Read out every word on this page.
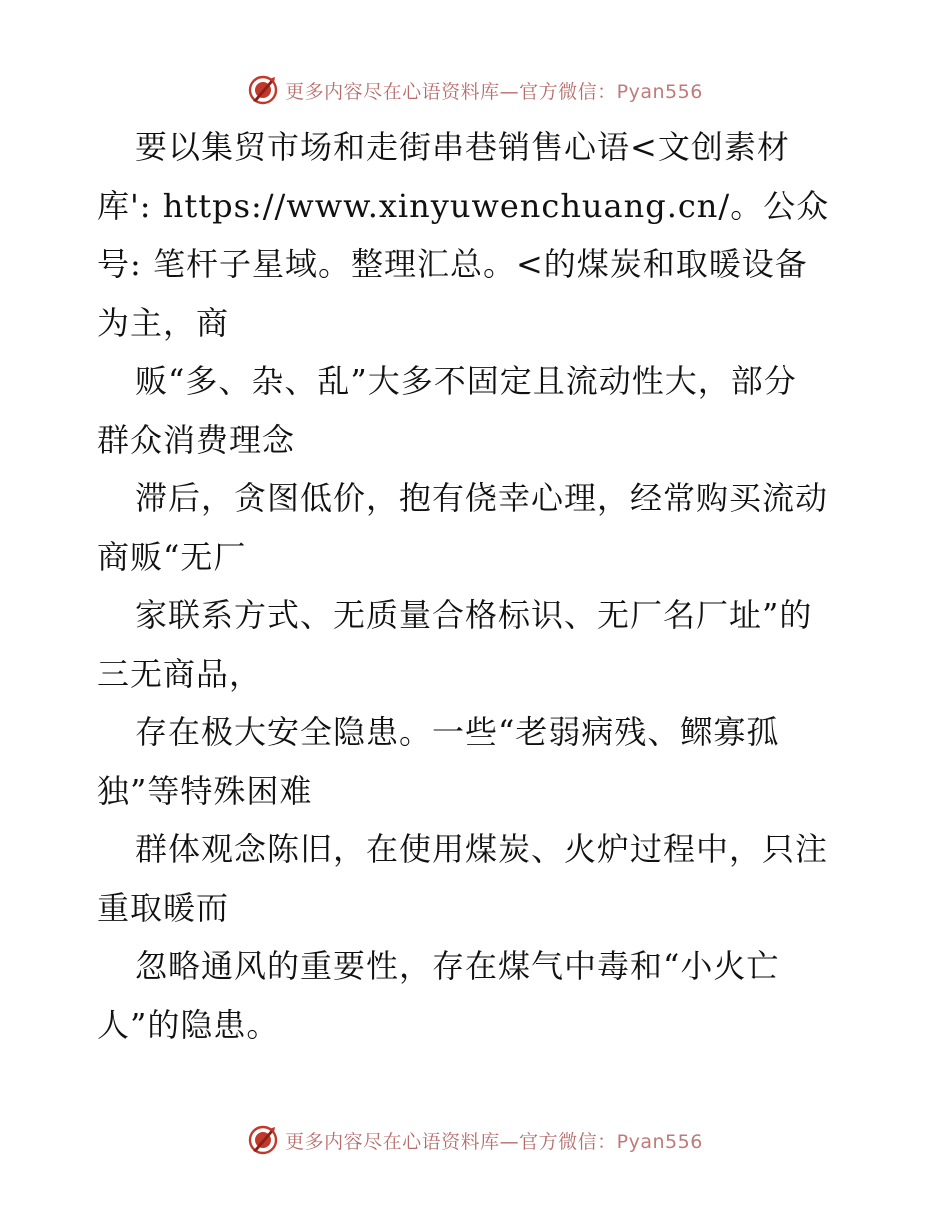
更多内容尽在心语资料库—官方微信：Pyan556
要以集贸市场和走街串巷销售心语<文创素材
库': https://www.xinyuwenchuang.cn/。公众
号: 笔杆子星域。整理汇总。<的煤炭和取暖设备
为主，商
贩“多、杂、乱”大多不固定且流动性大，部分
群众消费理念
滞后，贪图低价，抱有侥幸心理，经常购买流动
商贩“无厂
家联系方式、无质量合格标识、无厂名厂址”的
三无商品，
存在极大安全隐患。一些“老弱病残、鳏寡孤
独”等特殊困难
群体观念陈旧，在使用煤炭、火炉过程中，只注
重取暖而
忽略通风的重要性，存在煤气中毒和“小火亡
人”的隐患。
更多内容尽在心语资料库—官方微信：Pyan556
